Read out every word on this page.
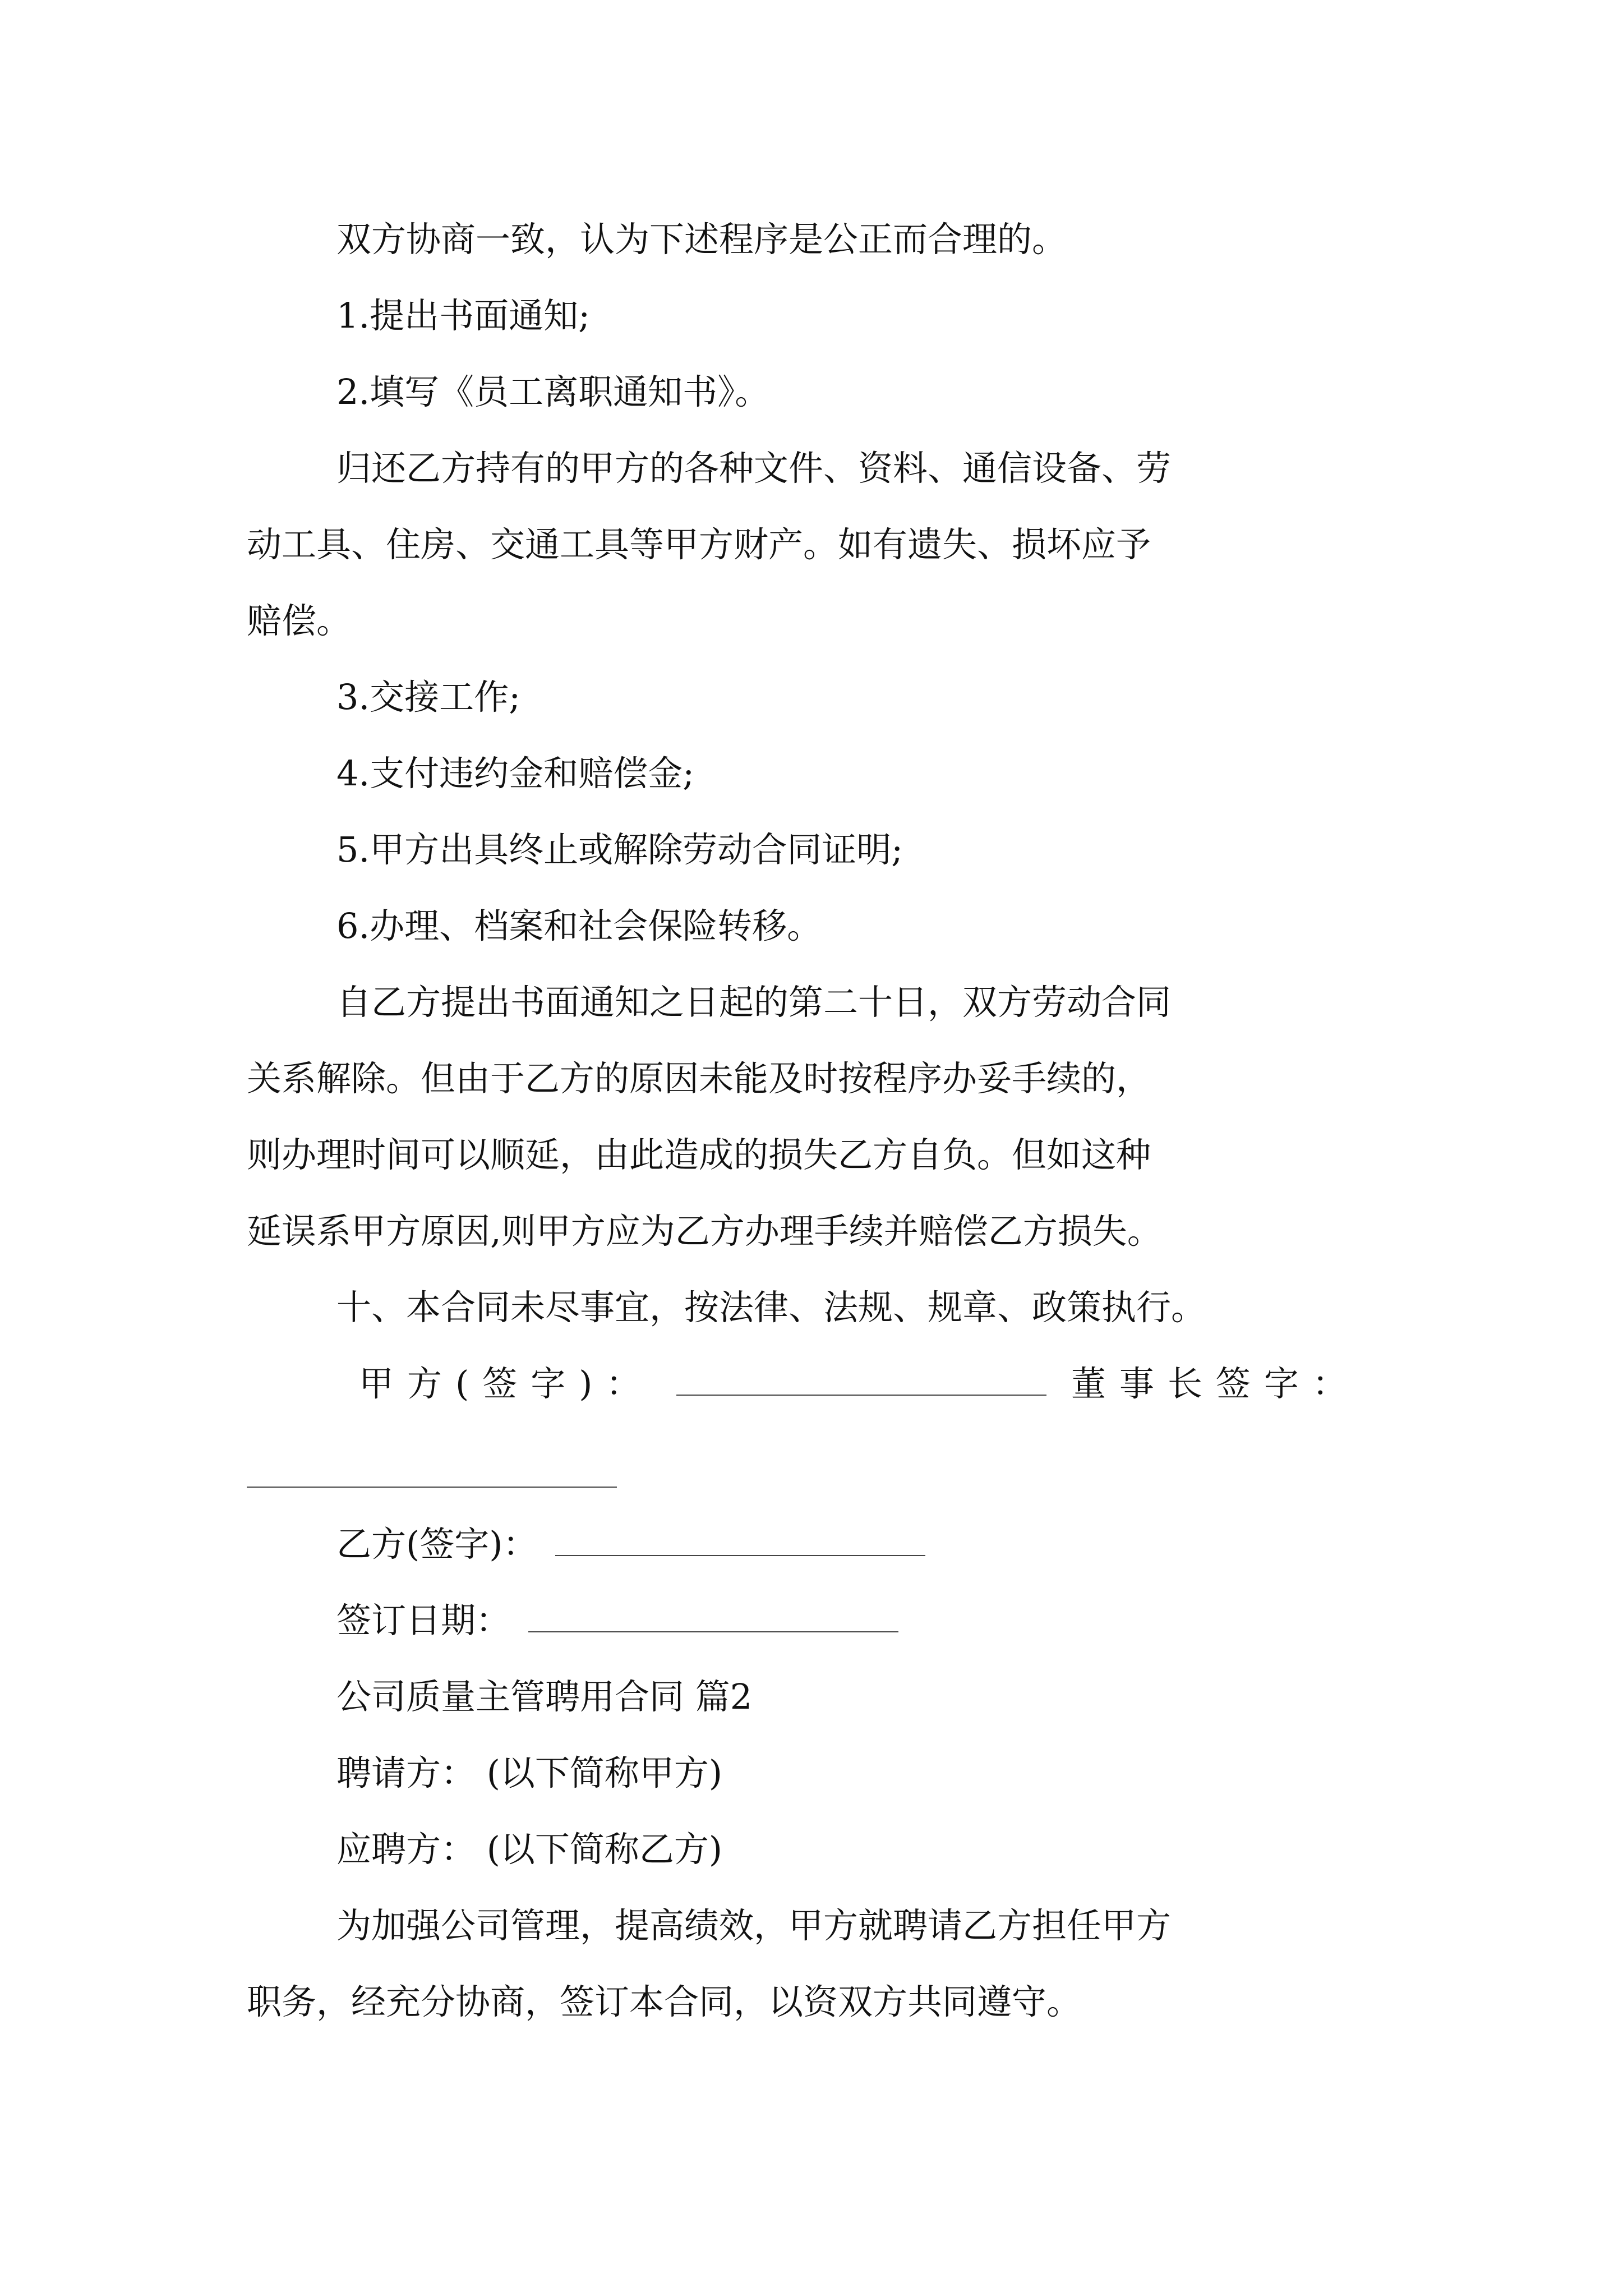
双方协商一致，认为下述程序是公正而合理的。
1.提出书面通知;
2.填写《员工离职通知书》。
归还乙方持有的甲方的各种文件、资料、通信设备、劳
动工具、住房、交通工具等甲方财产。如有遗失、损坏应予
赔偿。
3.交接工作;
4.支付违约金和赔偿金;
5.甲方出具终止或解除劳动合同证明;
6.办理、档案和社会保险转移。
自乙方提出书面通知之日起的第二十日，双方劳动合同
关系解除。但由于乙方的原因未能及时按程序办妥手续的，
则办理时间可以顺延，由此造成的损失乙方自负。但如这种
延误系甲方原因,则甲方应为乙方办理手续并赔偿乙方损失。
十、本合同未尽事宜，按法律、法规、规章、政策执行。
甲方(签字)：	董事长签字：
乙方(签字)：
签订日期：
公司质量主管聘用合同 篇2
聘请方： (以下简称甲方)
应聘方： (以下简称乙方)
为加强公司管理，提高绩效，甲方就聘请乙方担任甲方
职务，经充分协商，签订本合同，以资双方共同遵守。
